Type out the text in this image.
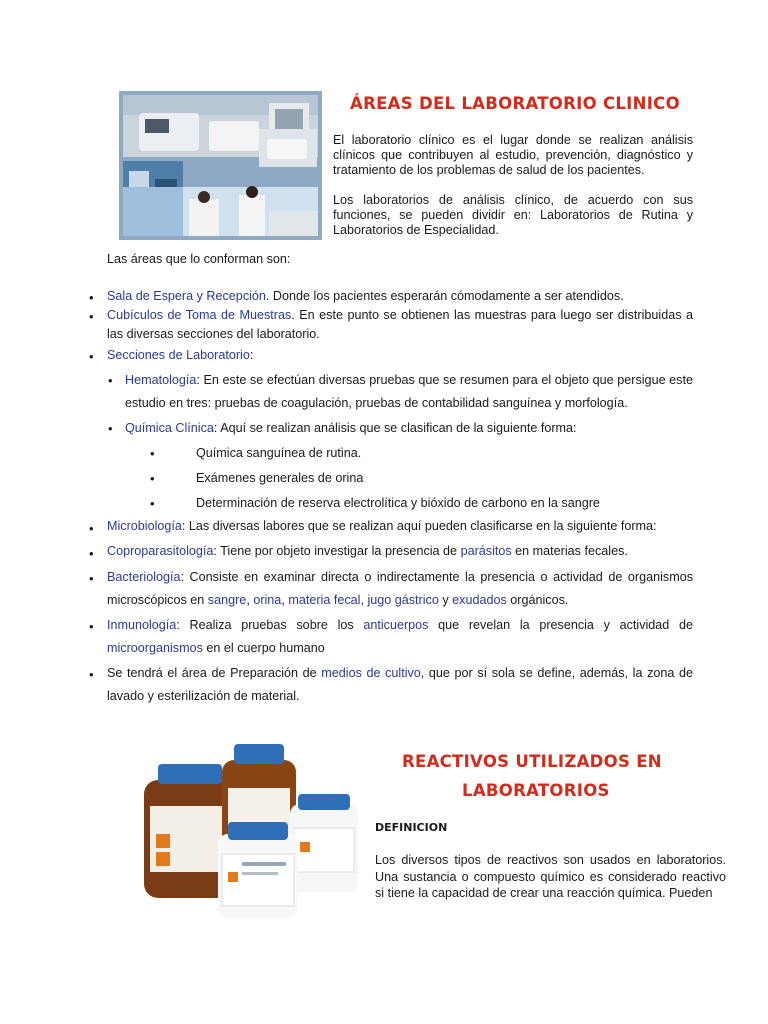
ÁREAS DEL LABORATORIO CLINICO
El laboratorio clínico es el lugar donde se realizan análisis clínicos que contribuyen al estudio, prevención, diagnóstico y tratamiento de los problemas de salud de los pacientes.
Los laboratorios de análisis clínico, de acuerdo con sus funciones, se pueden dividir en: Laboratorios de Rutina y Laboratorios de Especialidad.
Las áreas que lo conforman son:
• Sala de Espera y Recepción. Donde los pacientes esperarán cómodamente a ser atendidos.
• Cubículos de Toma de Muestras. En este punto se obtienen las muestras para luego ser distribuidas a las diversas secciones del laboratorio.
• Secciones de Laboratorio:
• Hematología: En este se efectúan diversas pruebas que se resumen para el objeto que persigue este estudio en tres: pruebas de coagulación, pruebas de contabilidad sanguínea y morfología.
• Química Clínica: Aquí se realizan análisis que se clasifican de la siguiente forma:
•	Química sanguínea de rutina.
•	Exámenes generales de orina
•	Determinación de reserva electrolítica y bióxido de carbono en la sangre
• Microbiología: Las diversas labores que se realizan aquí pueden clasificarse en la siguiente forma:
• Coproparasitología: Tiene por objeto investigar la presencia de parásitos en materias fecales.
• Bacteriología: Consiste en examinar directa o indirectamente la presencia o actividad de organismos microscópicos en sangre, orina, materia fecal, jugo gástrico y exudados orgánicos.
• Inmunología: Realiza pruebas sobre los anticuerpos que revelan la presencia y actividad de microorganismos en el cuerpo humano
• Se tendrá el área de Preparación de medios de cultivo, que por sí sola se define, además, la zona de lavado y esterilización de material.
REACTIVOS UTILIZADOS EN
LABORATORIOS
DEFINICION
Los diversos tipos de reactivos son usados en laboratorios. Una sustancia o compuesto químico es considerado reactivo si tiene la capacidad de crear una reacción química. Pueden
